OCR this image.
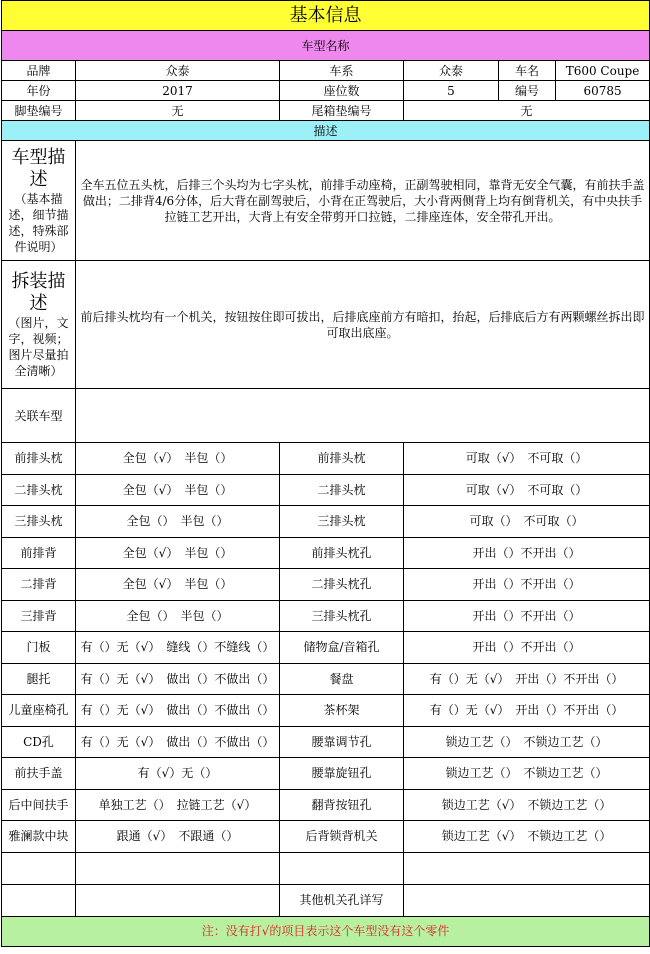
基本信息					
车型名称					
品牌	众泰	车系	众泰	车名	T600 Coupe
年份	2017	座位数	5	编号	60785
脚垫编号	无	尾箱垫编号	无		
描述					

车型描述
（基本描述，细节描述，特殊部件说明）	全车五位五头枕，后排三个头均为七字头枕，前排手动座椅，正副驾驶相同，靠背无安全气囊，有前扶手盖做出；二排背4/6分体，后大背在副驾驶后，小背在正驾驶后，大小背两侧背上均有倒背机关，有中央扶手拉链工艺开出，大背上有安全带剪开口拉链，二排座连体，安全带孔开出。				

拆装描述
（图片，文字，视频；图片尽量拍全清晰）	前后排头枕均有一个机关，按钮按住即可拔出，后排底座前方有暗扣，抬起，后排底后方有两颗螺丝拆出即可取出底座。				
关联车型					
前排头枕	全包（√）　半包（）	前排头枕	可取（√）　不可取（）		
二排头枕	全包（√）　半包（）	二排头枕	可取（√）　不可取（）		
三排头枕	全包（）　半包（）	三排头枕	可取（）　不可取（）		
前排背	全包（√）　半包（）	前排头枕孔	开出（）不开出（）		
二排背	全包（√）　半包（）	二排头枕孔	开出（）不开出（）		
三排背	全包（）　半包（）	三排头枕孔	开出（）不开出（）		
门板	有（）无（√）　缝线（）不缝线（）	储物盒/音箱孔	开出（）不开出（）		
腿托	有（）无（√）　做出（）不做出（）	餐盘	有（）无（√）　开出（）不开出（）		
儿童座椅孔	有（）无（√）　做出（）不做出（）	茶杯架	有（）无（√）　开出（）不开出（）		
CD孔	有（）无（√）　做出（）不做出（）	腰靠调节孔	锁边工艺（）　不锁边工艺（）		
前扶手盖	有（√）无（）	腰靠旋钮孔	锁边工艺（）　不锁边工艺（）		
后中间扶手	单独工艺（）　拉链工艺（√）	翻背按钮孔	锁边工艺（√）　不锁边工艺（）		
雅澜款中块	跟通（√）　不跟通（）	后背锁背机关	锁边工艺（√）　不锁边工艺（）		

		其他机关孔详写			
注：没有打√的项目表示这个车型没有这个零件					
